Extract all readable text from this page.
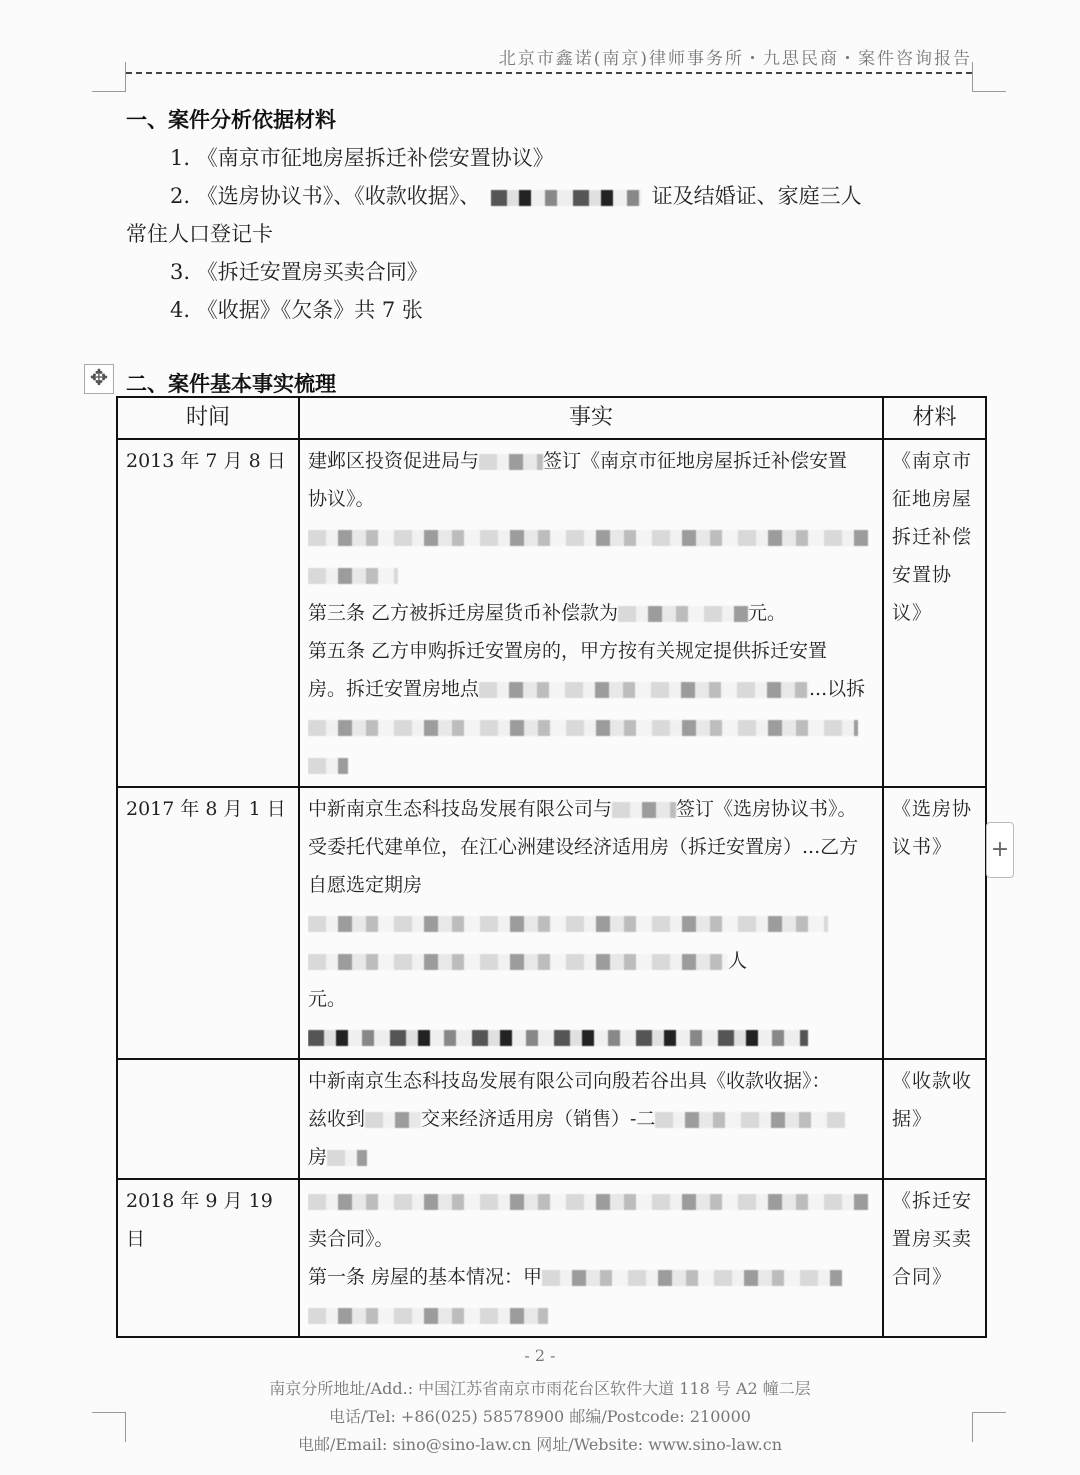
北京市鑫诺(南京)律师事务所・九思民商・案件咨询报告
一、案件分析依据材料
1. 《南京市征地房屋拆迁补偿安置协议》
2. 《选房协议书》、《收款收据》、	证及结婚证、家庭三人
常住人口登记卡
3. 《拆迁安置房买卖合同》
4. 《收据》《欠条》共 7 张
✥ 二、案件基本事实梳理
时间	事实	材料
2013 年 7 月 8 日	建邺区投资促进局与 签订《南京市征地房屋拆迁补偿安置
协议》。
第三条 乙方被拆迁房屋货币补偿款为 元。
第五条 乙方申购拆迁安置房的，甲方按有关规定提供拆迁安置
房。拆迁安置房地点 ...以拆	《南京市征地房屋拆迁补偿安置协议》
2017 年 8 月 1 日	中新南京生态科技岛发展有限公司与 签订《选房协议书》。
受委托代建单位，在江心洲建设经济适用房（拆迁安置房）...乙方
自愿选定期房
人
元。	《选房协议书》

	中新南京生态科技岛发展有限公司向殷若谷出具《收款收据》：
兹收到 交来经济适用房（销售）-二
房	《收款收据》
2018 年 9 月 19 日	卖合同》。
第一条 房屋的基本情况：甲	《拆迁安置房买卖合同》
+
- 2 -
南京分所地址/Add.: 中国江苏省南京市雨花台区软件大道 118 号 A2 幢二层
电话/Tel: +86(025) 58578900 邮编/Postcode: 210000
电邮/Email: sino@sino-law.cn 网址/Website: www.sino-law.cn
